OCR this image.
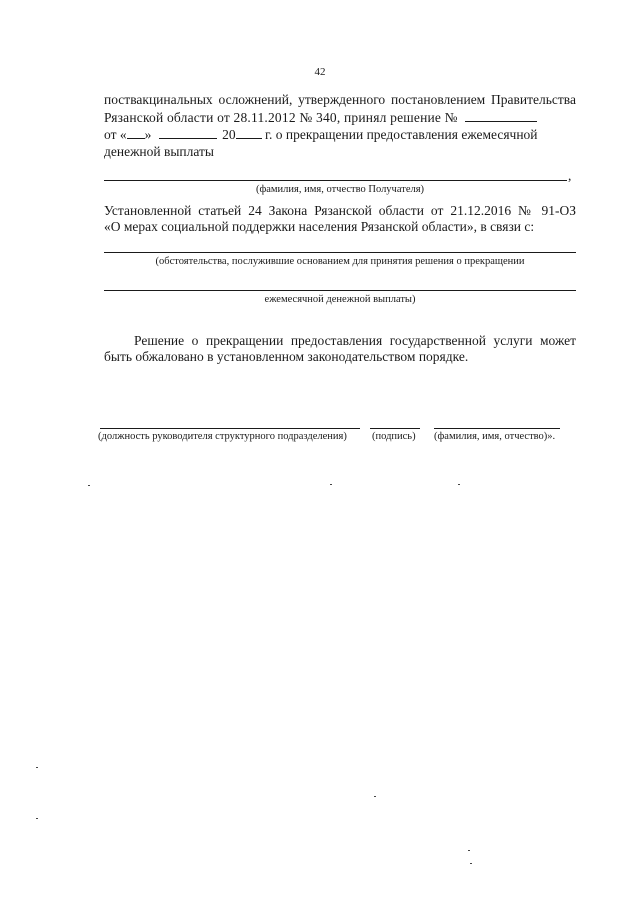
42
поствакцинальных осложнений, утвержденного постановлением Правительства
Рязанской области от 28.11.2012 № 340, принял решение №
от « »	20 г. о прекращении предоставления ежемесячной
денежной выплаты
,
(фамилия, имя, отчество Получателя)
Установленной статьей 24 Закона Рязанской области от 21.12.2016 № 91-ОЗ
«О мерах социальной поддержки населения Рязанской области», в связи с:
(обстоятельства, послужившие основанием для принятия решения о прекращении
ежемесячной денежной выплаты)
Решение о прекращении предоставления государственной услуги может
быть обжаловано в установленном законодательством порядке.
(должность руководителя структурного подразделения) (подпись) (фамилия, имя, отчество)».
